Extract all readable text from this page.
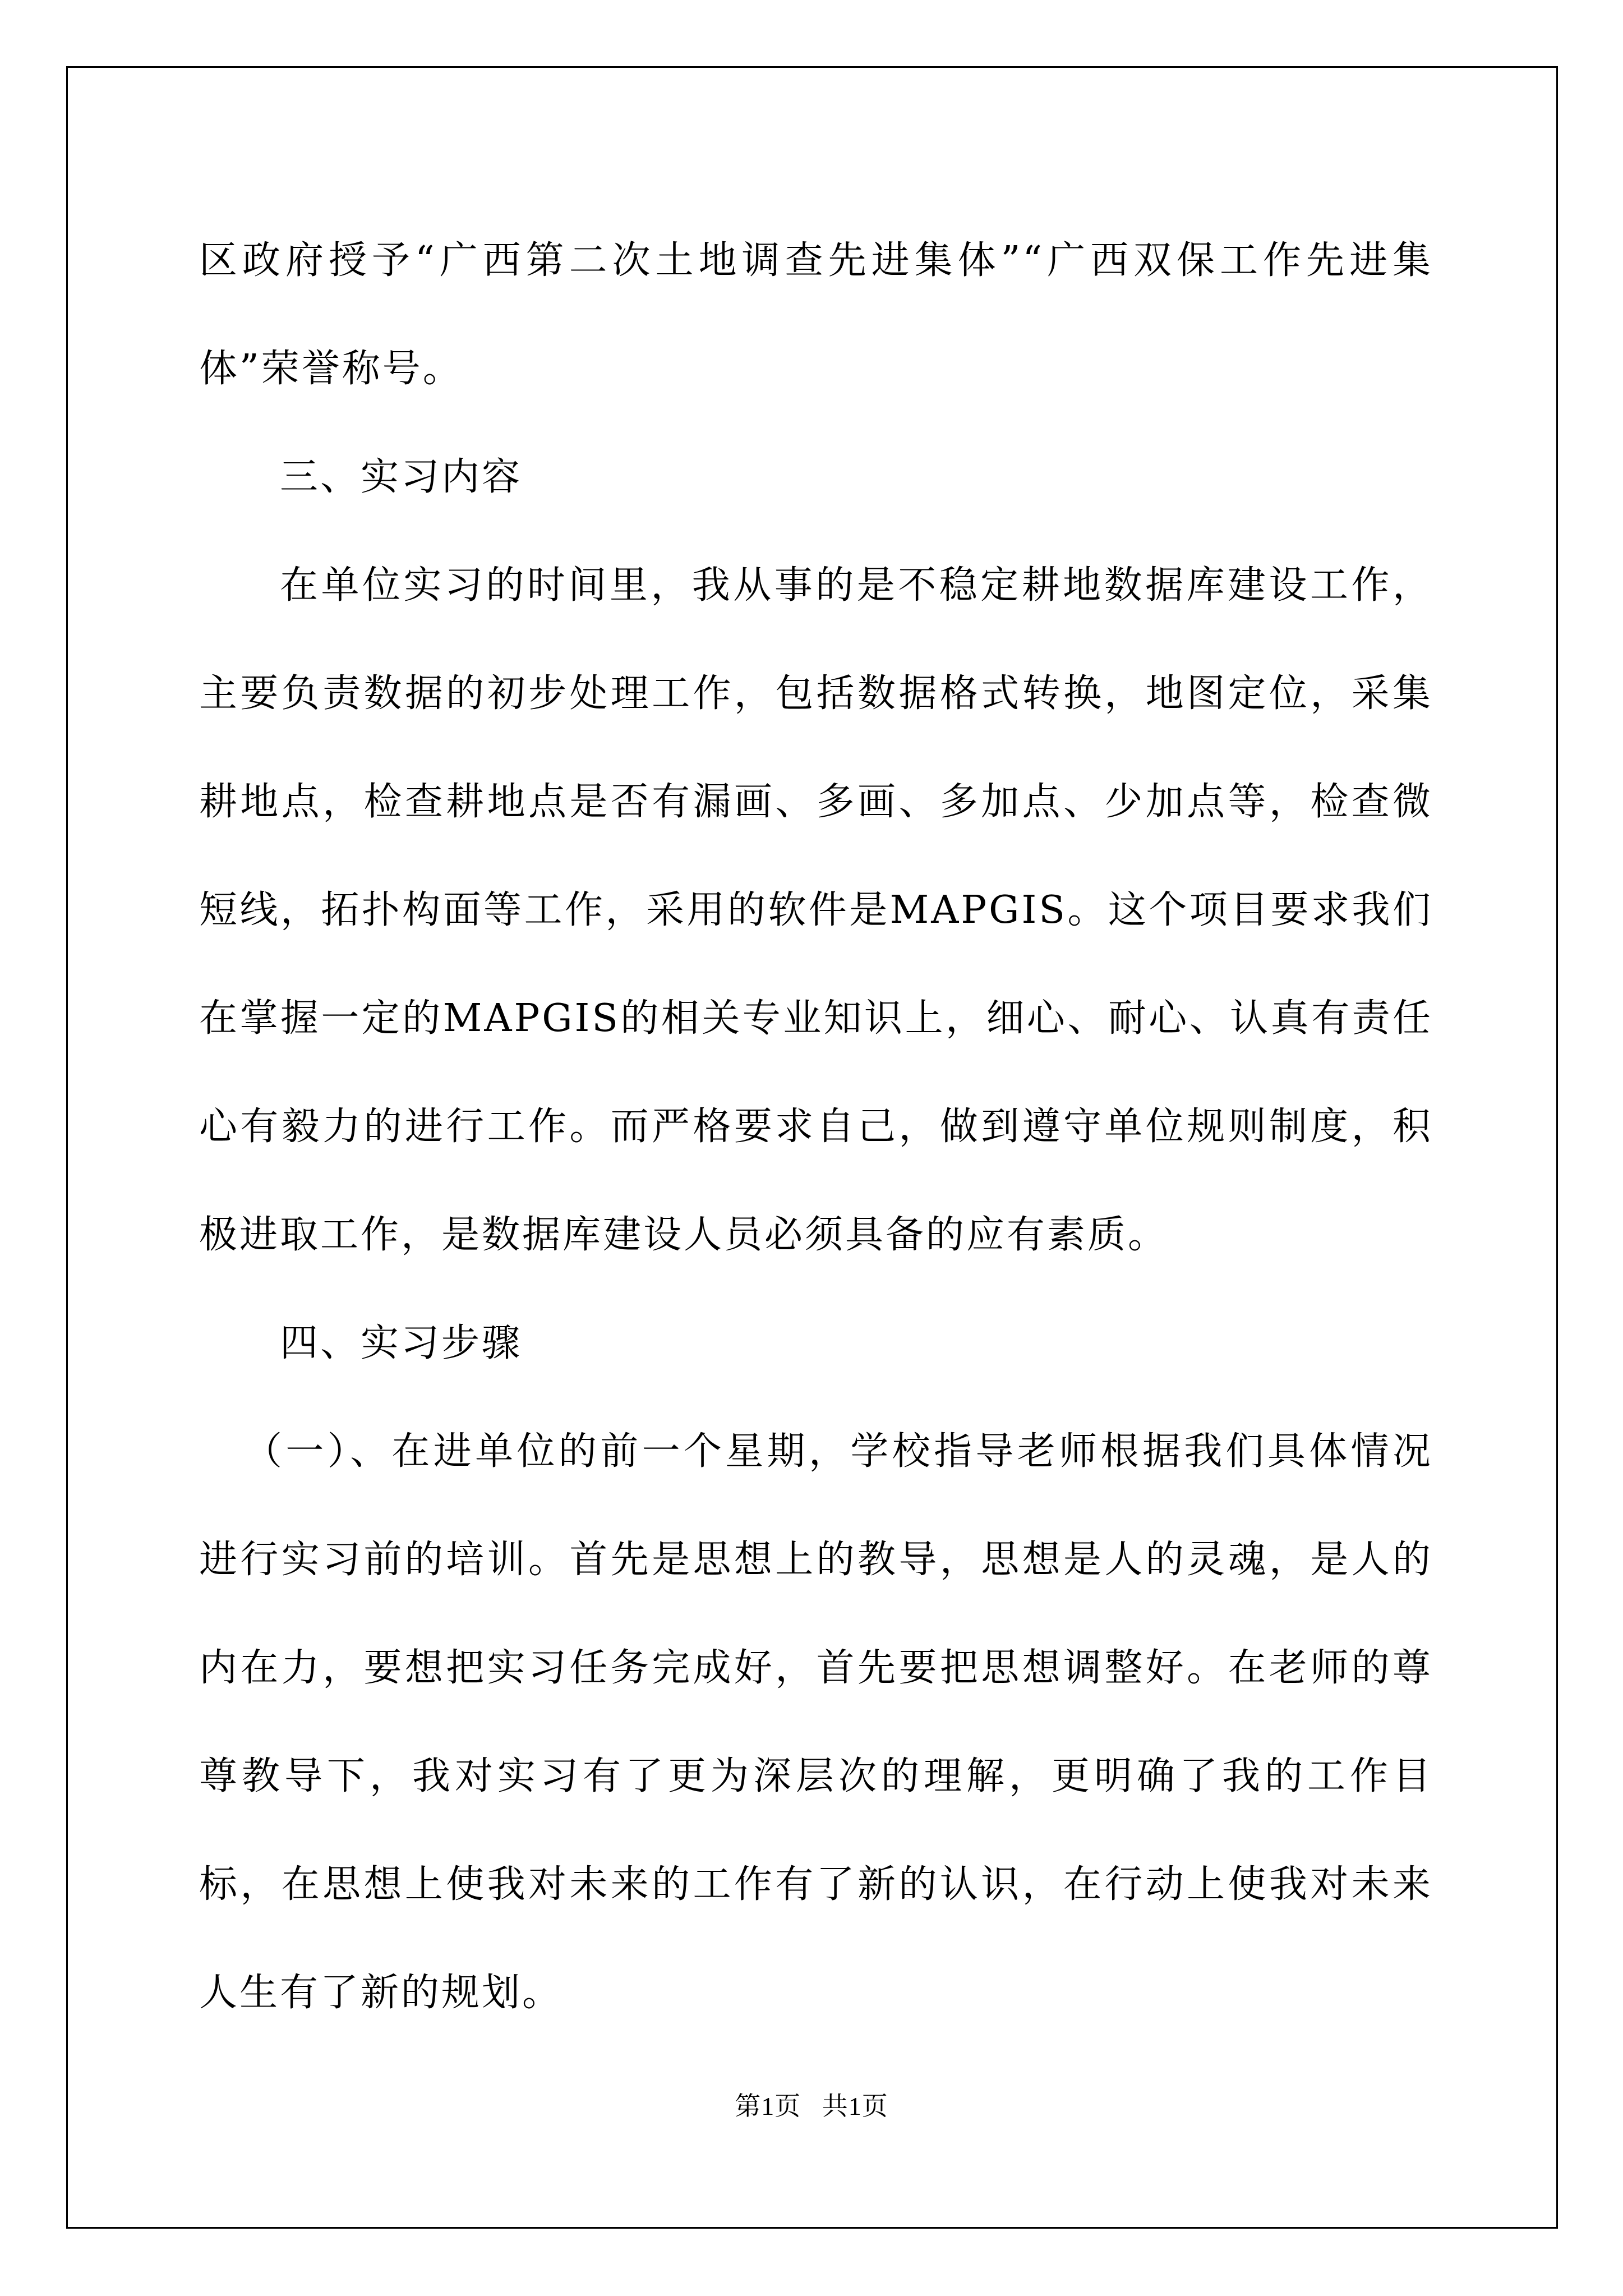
区政府授予“广西第二次土地调查先进集体”“广西双保工作先进集体”荣誉称号。

三、实习内容

在单位实习的时间里，我从事的是不稳定耕地数据库建设工作，主要负责数据的初步处理工作，包括数据格式转换，地图定位，采集耕地点，检查耕地点是否有漏画、多画、多加点、少加点等，检查微短线，拓扑构面等工作，采用的软件是MAPGIS。这个项目要求我们在掌握一定的MAPGIS的相关专业知识上，细心、耐心、认真有责任心有毅力的进行工作。而严格要求自己，做到遵守单位规则制度，积极进取工作，是数据库建设人员必须具备的应有素质。

四、实习步骤

（一）、在进单位的前一个星期，学校指导老师根据我们具体情况进行实习前的培训。首先是思想上的教导，思想是人的灵魂，是人的内在力，要想把实习任务完成好，首先要把思想调整好。在老师的尊尊教导下，我对实习有了更为深层次的理解，更明确了我的工作目标，在思想上使我对未来的工作有了新的认识，在行动上使我对未来人生有了新的规划。

第1页 共1页
